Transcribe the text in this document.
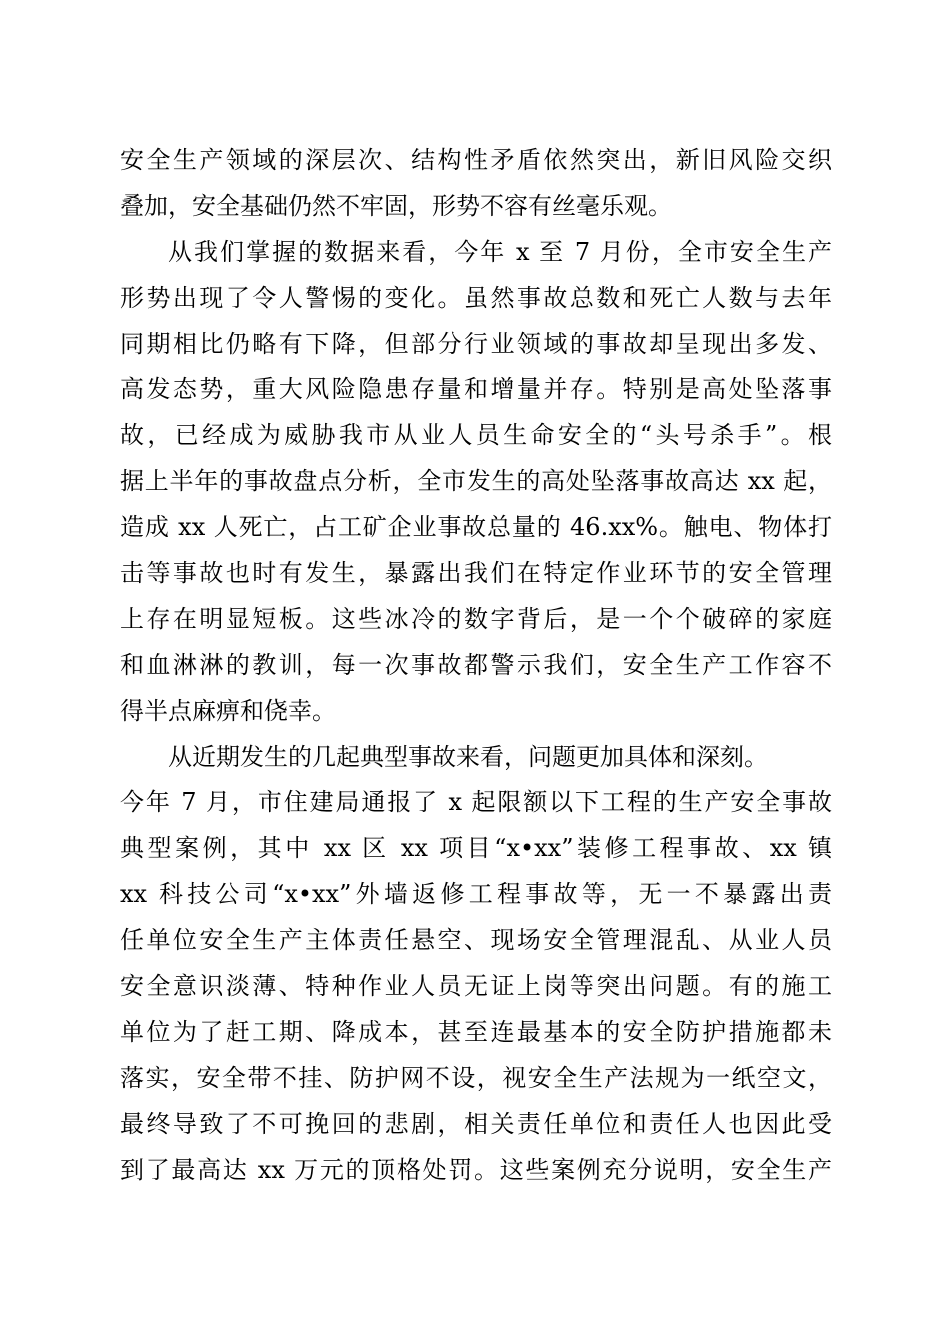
安全生产领域的深层次、结构性矛盾依然突出，新旧风险交织
叠加，安全基础仍然不牢固，形势不容有丝毫乐观。
从我们掌握的数据来看，今年 x 至 7 月份，全市安全生产
形势出现了令人警惕的变化。虽然事故总数和死亡人数与去年
同期相比仍略有下降，但部分行业领域的事故却呈现出多发、
高发态势，重大风险隐患存量和增量并存。特别是高处坠落事
故，已经成为威胁我市从业人员生命安全的“头号杀手”。根
据上半年的事故盘点分析，全市发生的高处坠落事故高达 xx 起，
造成 xx 人死亡，占工矿企业事故总量的 46.xx%。触电、物体打
击等事故也时有发生，暴露出我们在特定作业环节的安全管理
上存在明显短板。这些冰冷的数字背后，是一个个破碎的家庭
和血淋淋的教训，每一次事故都警示我们，安全生产工作容不
得半点麻痹和侥幸。
从近期发生的几起典型事故来看，问题更加具体和深刻。
今年 7 月，市住建局通报了 x 起限额以下工程的生产安全事故
典型案例，其中 xx 区 xx 项目“x•xx”装修工程事故、xx 镇
xx 科技公司“x•xx”外墙返修工程事故等，无一不暴露出责
任单位安全生产主体责任悬空、现场安全管理混乱、从业人员
安全意识淡薄、特种作业人员无证上岗等突出问题。有的施工
单位为了赶工期、降成本，甚至连最基本的安全防护措施都未
落实，安全带不挂、防护网不设，视安全生产法规为一纸空文，
最终导致了不可挽回的悲剧，相关责任单位和责任人也因此受
到了最高达 xx 万元的顶格处罚。这些案例充分说明，安全生产
